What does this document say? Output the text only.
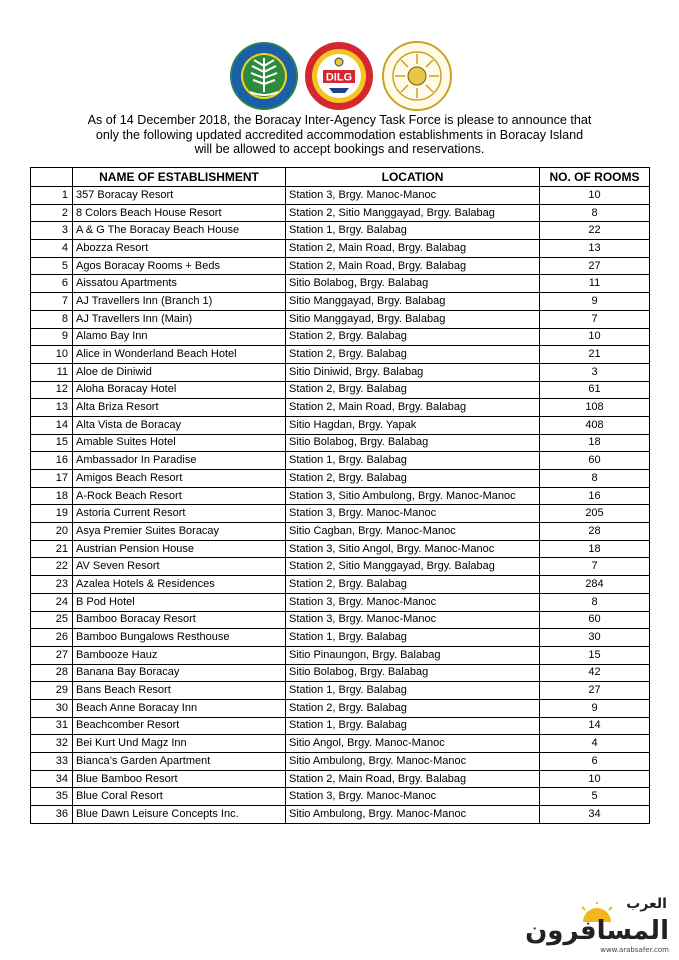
DILG
As of 14 December 2018, the Boracay Inter-Agency Task Force is please to announce that
only the following updated accredited accommodation establishments in Boracay Island
will be allowed to accept bookings and reservations.
	NAME OF ESTABLISHMENT	LOCATION	NO. OF ROOMS
1	357 Boracay Resort	Station 3, Brgy. Manoc-Manoc	10
2	8 Colors Beach House Resort	Station 2, Sitio Manggayad, Brgy. Balabag	8
3	A & G The Boracay Beach House	Station 1, Brgy. Balabag	22
4	Abozza Resort	Station 2, Main Road, Brgy. Balabag	13
5	Agos Boracay Rooms + Beds	Station 2, Main Road, Brgy. Balabag	27
6	Aissatou Apartments	Sitio Bolabog, Brgy. Balabag	11
7	AJ Travellers Inn (Branch 1)	Sitio Manggayad, Brgy. Balabag	9
8	AJ Travellers Inn (Main)	Sitio Manggayad, Brgy. Balabag	7
9	Alamo Bay Inn	Station 2, Brgy. Balabag	10
10	Alice in Wonderland Beach Hotel	Station 2, Brgy. Balabag	21
11	Aloe de Diniwid	Sitio Diniwid, Brgy. Balabag	3
12	Aloha Boracay Hotel	Station 2, Brgy. Balabag	61
13	Alta Briza Resort	Station 2, Main Road, Brgy. Balabag	108
14	Alta Vista de Boracay	Sitio Hagdan, Brgy. Yapak	408
15	Amable Suites Hotel	Sitio Bolabog, Brgy. Balabag	18
16	Ambassador In Paradise	Station 1, Brgy. Balabag	60
17	Amigos Beach Resort	Station 2, Brgy. Balabag	8
18	A-Rock Beach Resort	Station 3, Sitio Ambulong, Brgy. Manoc-Manoc	16
19	Astoria Current Resort	Station 3, Brgy. Manoc-Manoc	205
20	Asya Premier Suites Boracay	Sitio Cagban, Brgy. Manoc-Manoc	28
21	Austrian Pension House	Station 3, Sitio Angol, Brgy. Manoc-Manoc	18
22	AV Seven Resort	Station 2, Sitio Manggayad, Brgy. Balabag	7
23	Azalea Hotels & Residences	Station 2, Brgy. Balabag	284
24	B Pod Hotel	Station 3, Brgy. Manoc-Manoc	8
25	Bamboo Boracay Resort	Station 3, Brgy. Manoc-Manoc	60
26	Bamboo Bungalows Resthouse	Station 1, Brgy. Balabag	30
27	Bambooze Hauz	Sitio Pinaungon, Brgy. Balabag	15
28	Banana Bay Boracay	Sitio Bolabog, Brgy. Balabag	42
29	Bans Beach Resort	Station 1, Brgy. Balabag	27
30	Beach Anne Boracay Inn	Station 2, Brgy. Balabag	9
31	Beachcomber Resort	Station 1, Brgy. Balabag	14
32	Bei Kurt Und Magz Inn	Sitio Angol, Brgy. Manoc-Manoc	4
33	Bianca’s Garden Apartment	Sitio Ambulong, Brgy. Manoc-Manoc	6
34	Blue Bamboo Resort	Station 2, Main Road, Brgy. Balabag	10
35	Blue Coral Resort	Station 3, Brgy. Manoc-Manoc	5
36	Blue Dawn Leisure Concepts Inc.	Sitio Ambulong, Brgy. Manoc-Manoc	34
العرب
المسافرون
www.arabsafer.com
